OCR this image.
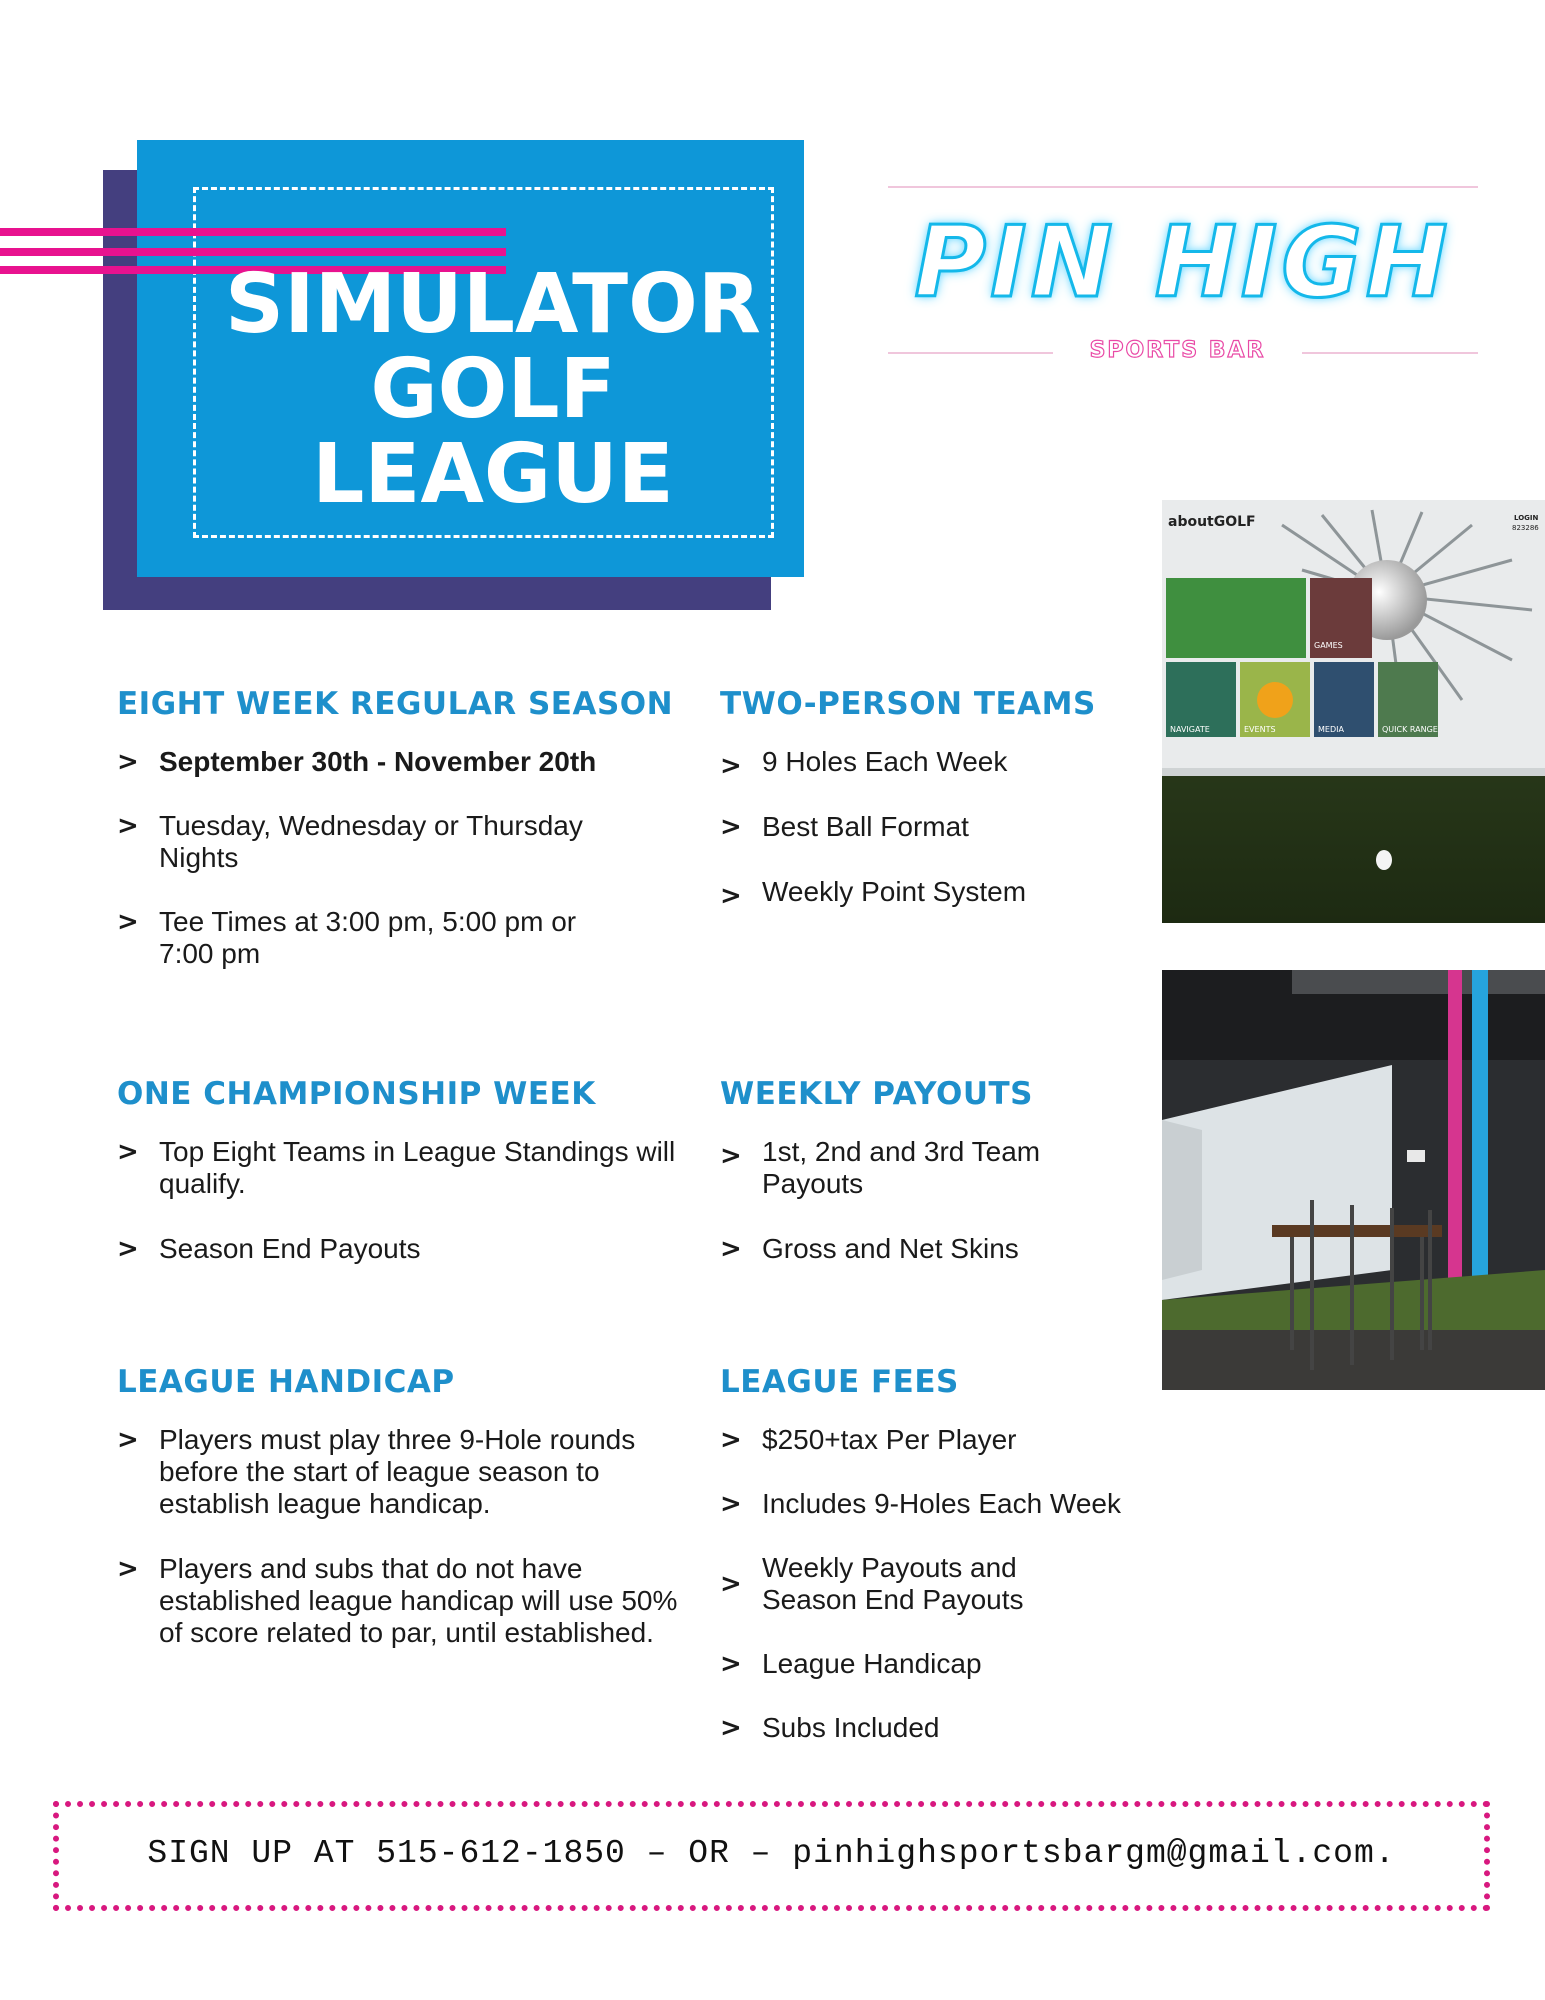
SIMULATOR
GOLF
LEAGUE
PIN HIGH
SPORTS BAR
EIGHT WEEK REGULAR SEASON
> September 30th - November 20th
> Tuesday, Wednesday or Thursday Nights
> Tee Times at 3:00 pm, 5:00 pm or 7:00 pm
TWO-PERSON TEAMS
> 9 Holes Each Week
> Best Ball Format
> Weekly Point System
ONE CHAMPIONSHIP WEEK
> Top Eight Teams in League Standings will qualify.
> Season End Payouts
WEEKLY PAYOUTS
> 1st, 2nd and 3rd Team Payouts
> Gross and Net Skins
LEAGUE HANDICAP
> Players must play three 9-Hole rounds before the start of league season to establish league handicap.
> Players and subs that do not have established league handicap will use 50% of score related to par, until established.
LEAGUE FEES
> $250+tax Per Player
> Includes 9-Holes Each Week
>
Weekly Payouts and Season End Payouts
> League Handicap
> Subs Included
NAVIGATE	EVENTS	MEDIA	QUICK RANGE
GAMES
aboutGOLF	LOGIN
823286
SIGN UP AT 515-612-1850 – OR – pinhighsportsbargm@gmail.com.
